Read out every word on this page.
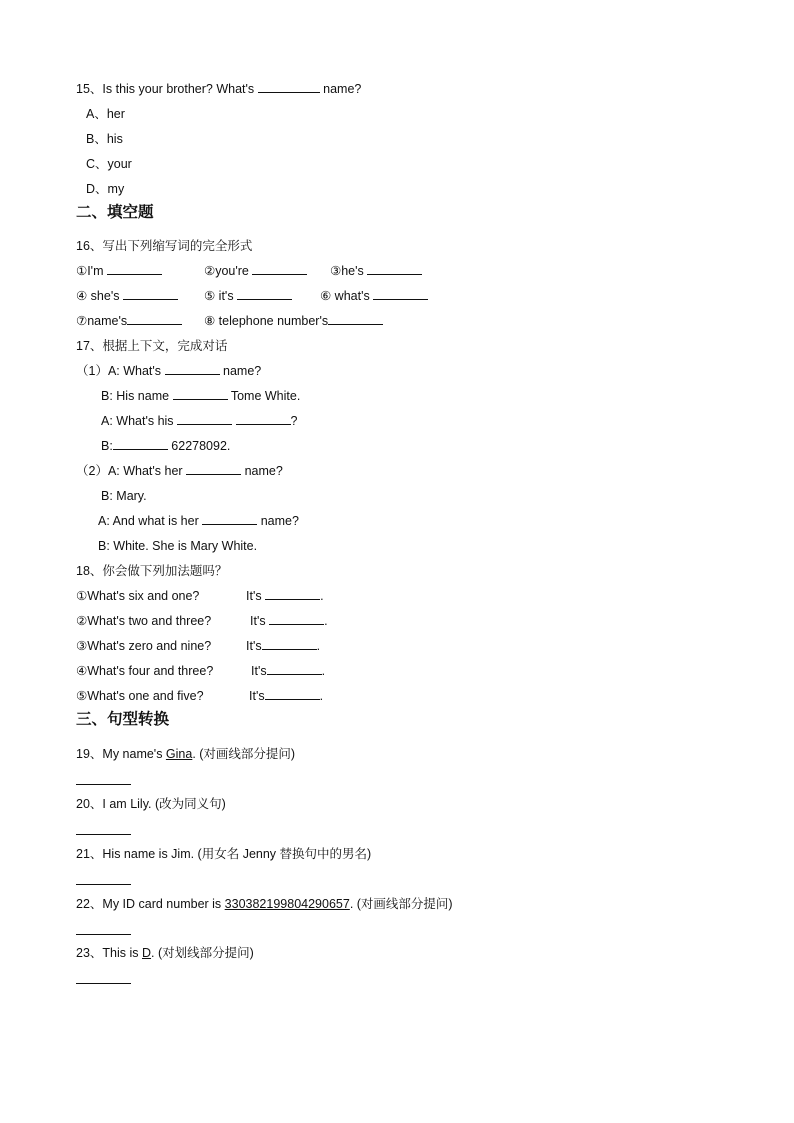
15、Is this your brother? What's	name?
A、her
B、his
C、your
D、my
二、填空题
16、写出下列缩写词的完全形式
①I'm	②you're	③he's
④ she's	⑤ it's	⑥ what's
⑦name's	⑧ telephone number's
17、根据上下文，完成对话
（1）A: What's	name?
B: His name	Tome White.
A: What's his	?
B:	62278092.
（2）A: What's her	name?
B: Mary.
A: And what is her	name?
B: White. She is Mary White.
18、你会做下列加法题吗？
①What's six and one?	It's	.
②What's two and three?	It's	.
③What's zero and nine?	It's	.
④What's four and three?	It's	.
⑤What's one and five?	It's	.
三、句型转换
19、My name's Gina. (对画线部分提问)
20、I am Lily. (改为同义句)
21、His name is Jim. (用女名 Jenny 替换句中的男名)
22、My ID card number is 330382199804290657. (对画线部分提问)
23、This is D. (对划线部分提问)
